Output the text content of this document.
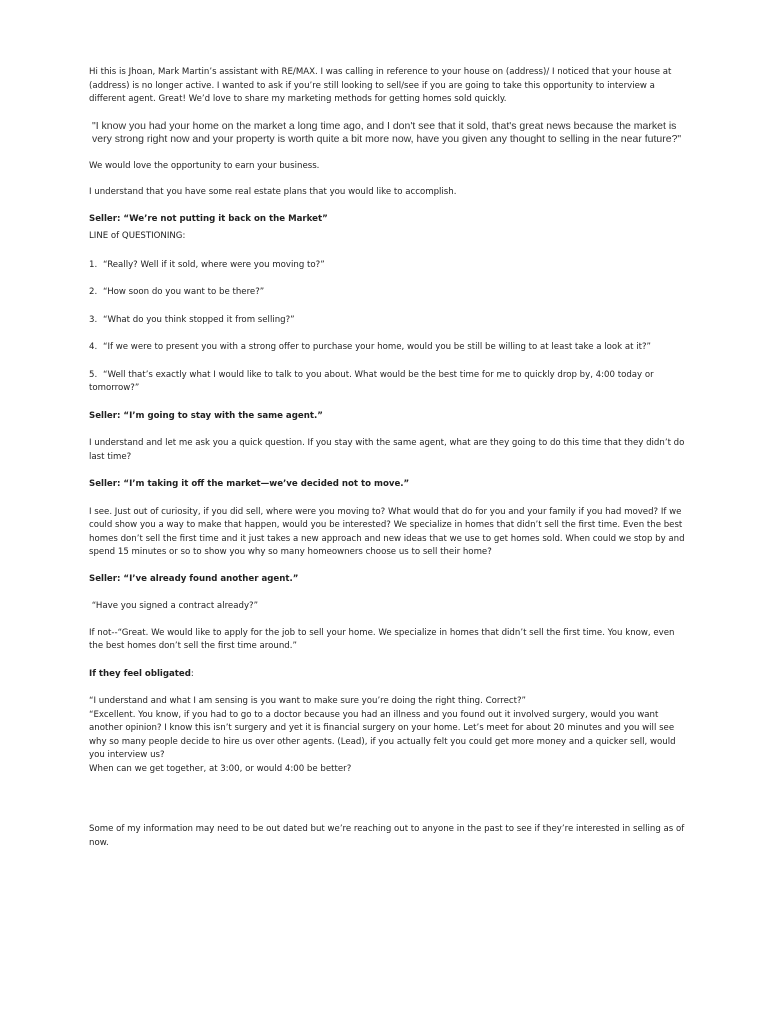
Hi this is Jhoan, Mark Martin’s assistant with RE/MAX. I was calling in reference to your house on (address)/ I noticed that your house at (address) is no longer active. I wanted to ask if you’re still looking to sell/see if you are going to take this opportunity to interview a different agent. Great! We’d love to share my marketing methods for getting homes sold quickly.

"I know you had your home on the market a long time ago, and I don't see that it sold, that's great news because the market is very strong right now and your property is worth quite a bit more now, have you given any thought to selling in the near future?"

We would love the opportunity to earn your business.

I understand that you have some real estate plans that you would like to accomplish.

Seller: “We’re not putting it back on the Market”

LINE of QUESTIONING:

1. “Really? Well if it sold, where were you moving to?”

2. “How soon do you want to be there?”

3. “What do you think stopped it from selling?”

4. “If we were to present you with a strong offer to purchase your home, would you be still be willing to at least take a look at it?”

5. “Well that’s exactly what I would like to talk to you about. What would be the best time for me to quickly drop by, 4:00 today or tomorrow?”

Seller: “I’m going to stay with the same agent.”

I understand and let me ask you a quick question. If you stay with the same agent, what are they going to do this time that they didn’t do last time?

Seller: “I’m taking it off the market—we’ve decided not to move.”

I see. Just out of curiosity, if you did sell, where were you moving to? What would that do for you and your family if you had moved? If we could show you a way to make that happen, would you be interested? We specialize in homes that didn’t sell the first time. Even the best homes don’t sell the first time and it just takes a new approach and new ideas that we use to get homes sold. When could we stop by and spend 15 minutes or so to show you why so many homeowners choose us to sell their home?

Seller: “I’ve already found another agent.”

“Have you signed a contract already?”

If not--“Great. We would like to apply for the job to sell your home. We specialize in homes that didn’t sell the first time. You know, even the best homes don’t sell the first time around.”

If they feel obligated:

“I understand and what I am sensing is you want to make sure you’re doing the right thing. Correct?”
“Excellent. You know, if you had to go to a doctor because you had an illness and you found out it involved surgery, would you want another opinion? I know this isn’t surgery and yet it is financial surgery on your home. Let’s meet for about 20 minutes and you will see why so many people decide to hire us over other agents. (Lead), if you actually felt you could get more money and a quicker sell, would you interview us?
When can we get together, at 3:00, or would 4:00 be better?

Some of my information may need to be out dated but we’re reaching out to anyone in the past to see if they’re interested in selling as of now.
